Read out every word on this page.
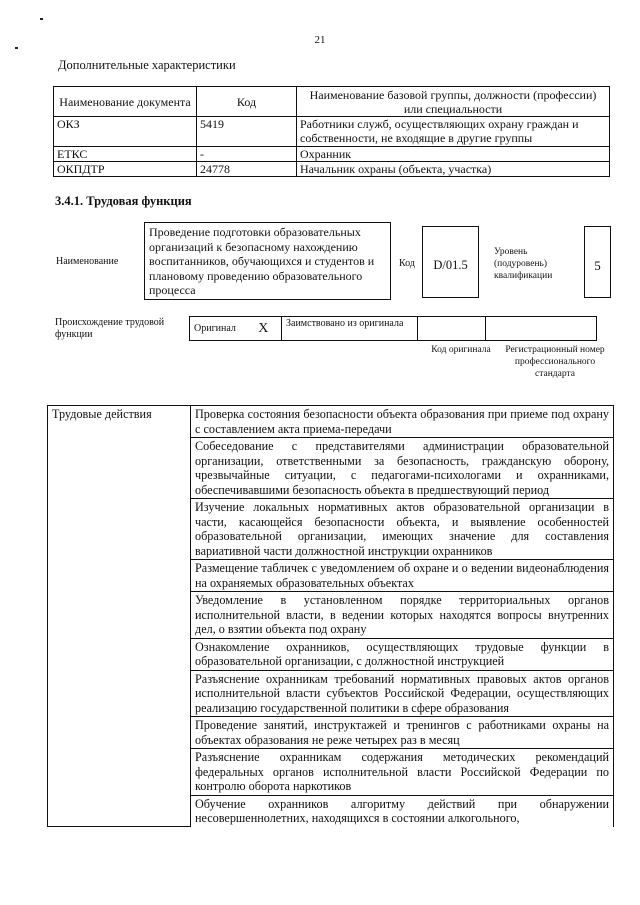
21
Дополнительные характеристики
Наименование документа	Код	Наименование базовой группы, должности (профессии) или специальности
ОКЗ	5419	Работники служб, осуществляющих охрану граждан и собственности, не входящие в другие группы
ЕТКС	-	Охранник
ОКПДТР	24778	Начальник охраны (объекта, участка)
3.4.1. Трудовая функция
Наименование
Проведение подготовки образовательных организаций к безопасному нахождению воспитанников, обучающихся и студентов и плановому проведению образовательного процесса
Код	D/01.5
Уровень (подуровень) квалификации
5
Происхождение трудовой функции
Оригинал	X	Заимствовано из оригинала		
Код оригинала	Регистрационный номер профессионального стандарта
Трудовые действия	Проверка состояния безопасности объекта образования при приеме под охрану с составлением акта приема-передачи
Собеседование с представителями администрации образовательной организации, ответственными за безопасность, гражданскую оборону, чрезвычайные ситуации, с педагогами-психологами и охранниками, обеспечивавшими безопасность объекта в предшествующий период
Изучение локальных нормативных актов образовательной организации в части, касающейся безопасности объекта, и выявление особенностей образовательной организации, имеющих значение для составления вариативной части должностной инструкции охранников
Размещение табличек с уведомлением об охране и о ведении видеонаблюдения на охраняемых образовательных объектах
Уведомление в установленном порядке территориальных органов исполнительной власти, в ведении которых находятся вопросы внутренних дел, о взятии объекта под охрану
Ознакомление охранников, осуществляющих трудовые функции в образовательной организации, с должностной инструкцией
Разъяснение охранникам требований нормативных правовых актов органов исполнительной власти субъектов Российской Федерации, осуществляющих реализацию государственной политики в сфере образования
Проведение занятий, инструктажей и тренингов с работниками охраны на объектах образования не реже четырех раз в месяц
Разъяснение охранникам содержания методических рекомендаций федеральных органов исполнительной власти Российской Федерации по контролю оборота наркотиков
Обучение охранников алгоритму действий при обнаружении несовершеннолетних, находящихся в состоянии алкогольного,
